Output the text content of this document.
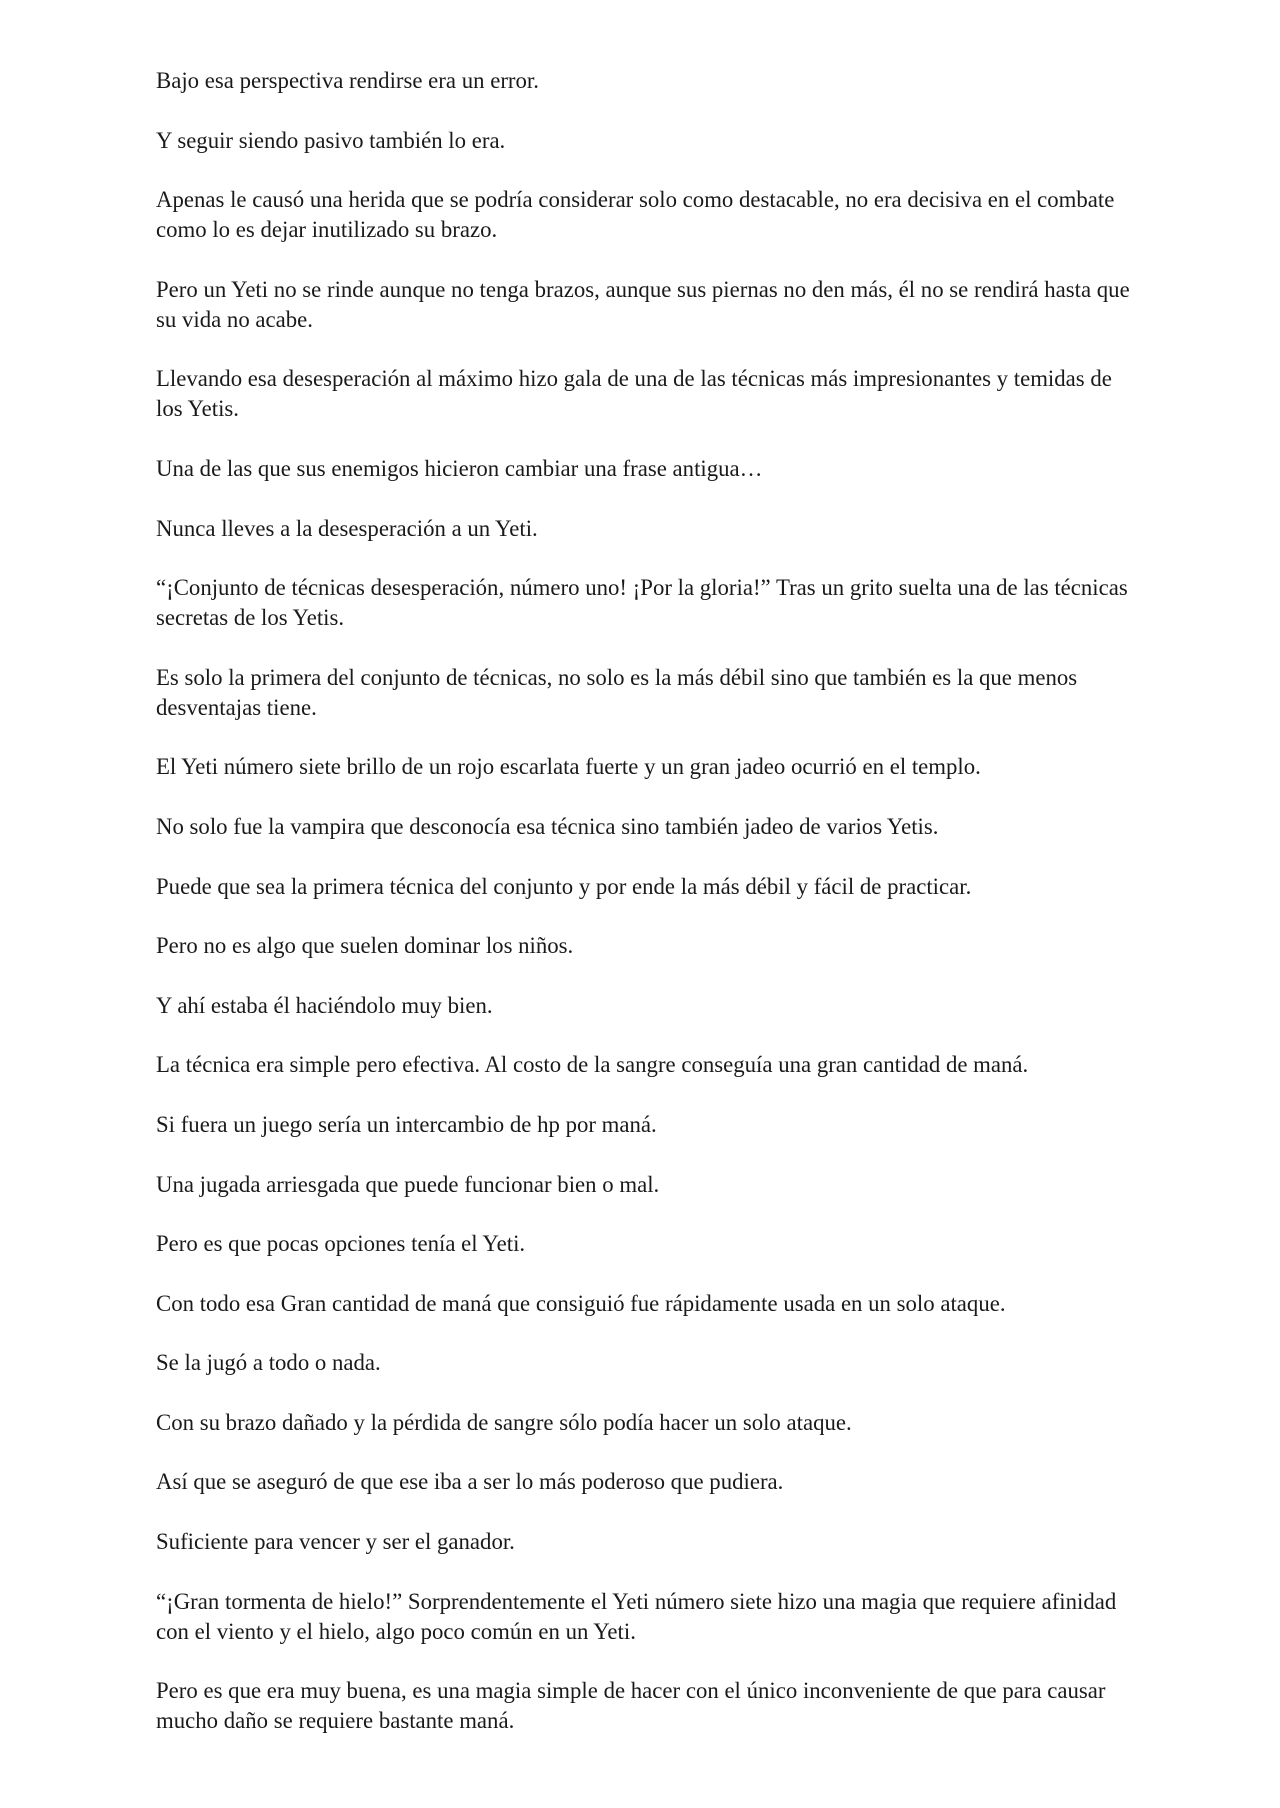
Bajo esa perspectiva rendirse era un error.

Y seguir siendo pasivo también lo era.

Apenas le causó una herida que se podría considerar solo como destacable, no era decisiva en el combate como lo es dejar inutilizado su brazo.

Pero un Yeti no se rinde aunque no tenga brazos, aunque sus piernas no den más, él no se rendirá hasta que su vida no acabe.

Llevando esa desesperación al máximo hizo gala de una de las técnicas más impresionantes y temidas de los Yetis.

Una de las que sus enemigos hicieron cambiar una frase antigua…

Nunca lleves a la desesperación a un Yeti.

“¡Conjunto de técnicas desesperación, número uno! ¡Por la gloria!” Tras un grito suelta una de las técnicas secretas de los Yetis.

Es solo la primera del conjunto de técnicas, no solo es la más débil sino que también es la que menos desventajas tiene.

El Yeti número siete brillo de un rojo escarlata fuerte y un gran jadeo ocurrió en el templo.

No solo fue la vampira que desconocía esa técnica sino también jadeo de varios Yetis.

Puede que sea la primera técnica del conjunto y por ende la más débil y fácil de practicar.

Pero no es algo que suelen dominar los niños.

Y ahí estaba él haciéndolo muy bien.

La técnica era simple pero efectiva. Al costo de la sangre conseguía una gran cantidad de maná.

Si fuera un juego sería un intercambio de hp por maná.

Una jugada arriesgada que puede funcionar bien o mal.

Pero es que pocas opciones tenía el Yeti.

Con todo esa Gran cantidad de maná que consiguió fue rápidamente usada en un solo ataque.

Se la jugó a todo o nada.

Con su brazo dañado y la pérdida de sangre sólo podía hacer un solo ataque.

Así que se aseguró de que ese iba a ser lo más poderoso que pudiera.

Suficiente para vencer y ser el ganador.

“¡Gran tormenta de hielo!” Sorprendentemente el Yeti número siete hizo una magia que requiere afinidad con el viento y el hielo, algo poco común en un Yeti.

Pero es que era muy buena, es una magia simple de hacer con el único inconveniente de que para causar mucho daño se requiere bastante maná.
